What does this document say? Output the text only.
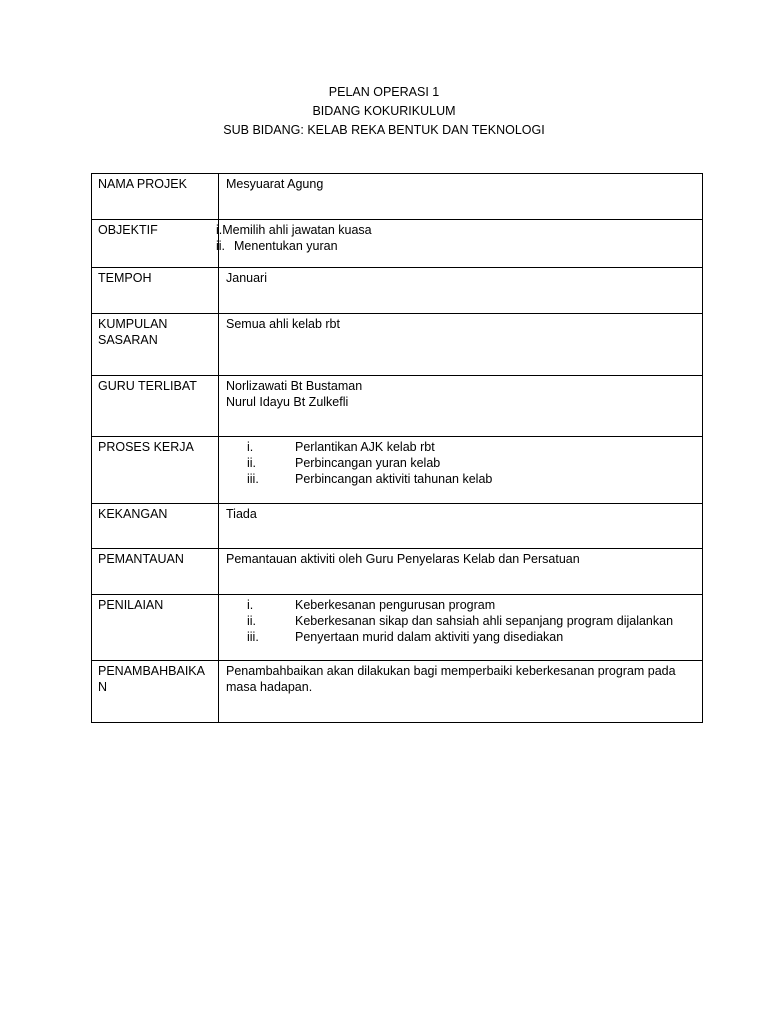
PELAN OPERASI 1
BIDANG KOKURIKULUM
SUB BIDANG: KELAB REKA BENTUK DAN TEKNOLOGI
NAMA PROJEK	Mesyuarat Agung
OBJEKTIF	i.Memilih ahli jawatan kuasa
ii. Menentukan yuran

TEMPOH	Januari

KUMPULAN
SASARAN	Semua ahli kelab rbt
GURU TERLIBAT	Norlizawati Bt Bustaman
Nurul Idayu Bt Zulkefli

PROSES KERJA	i. Perlantikan AJK kelab rbt
ii. Perbincangan yuran kelab
iii. Perbincangan aktiviti tahunan kelab

KEKANGAN	Tiada
PEMANTAUAN	Pemantauan aktiviti oleh Guru Penyelaras Kelab dan Persatuan
PENILAIAN	i. Keberkesanan pengurusan program
ii. Keberkesanan sikap dan sahsiah ahli sepanjang program dijalankan
iii. Penyertaan murid dalam aktiviti yang disediakan

PENAMBAHBAIKA
N	Penambahbaikan akan dilakukan bagi memperbaiki keberkesanan program pada
masa hadapan.
